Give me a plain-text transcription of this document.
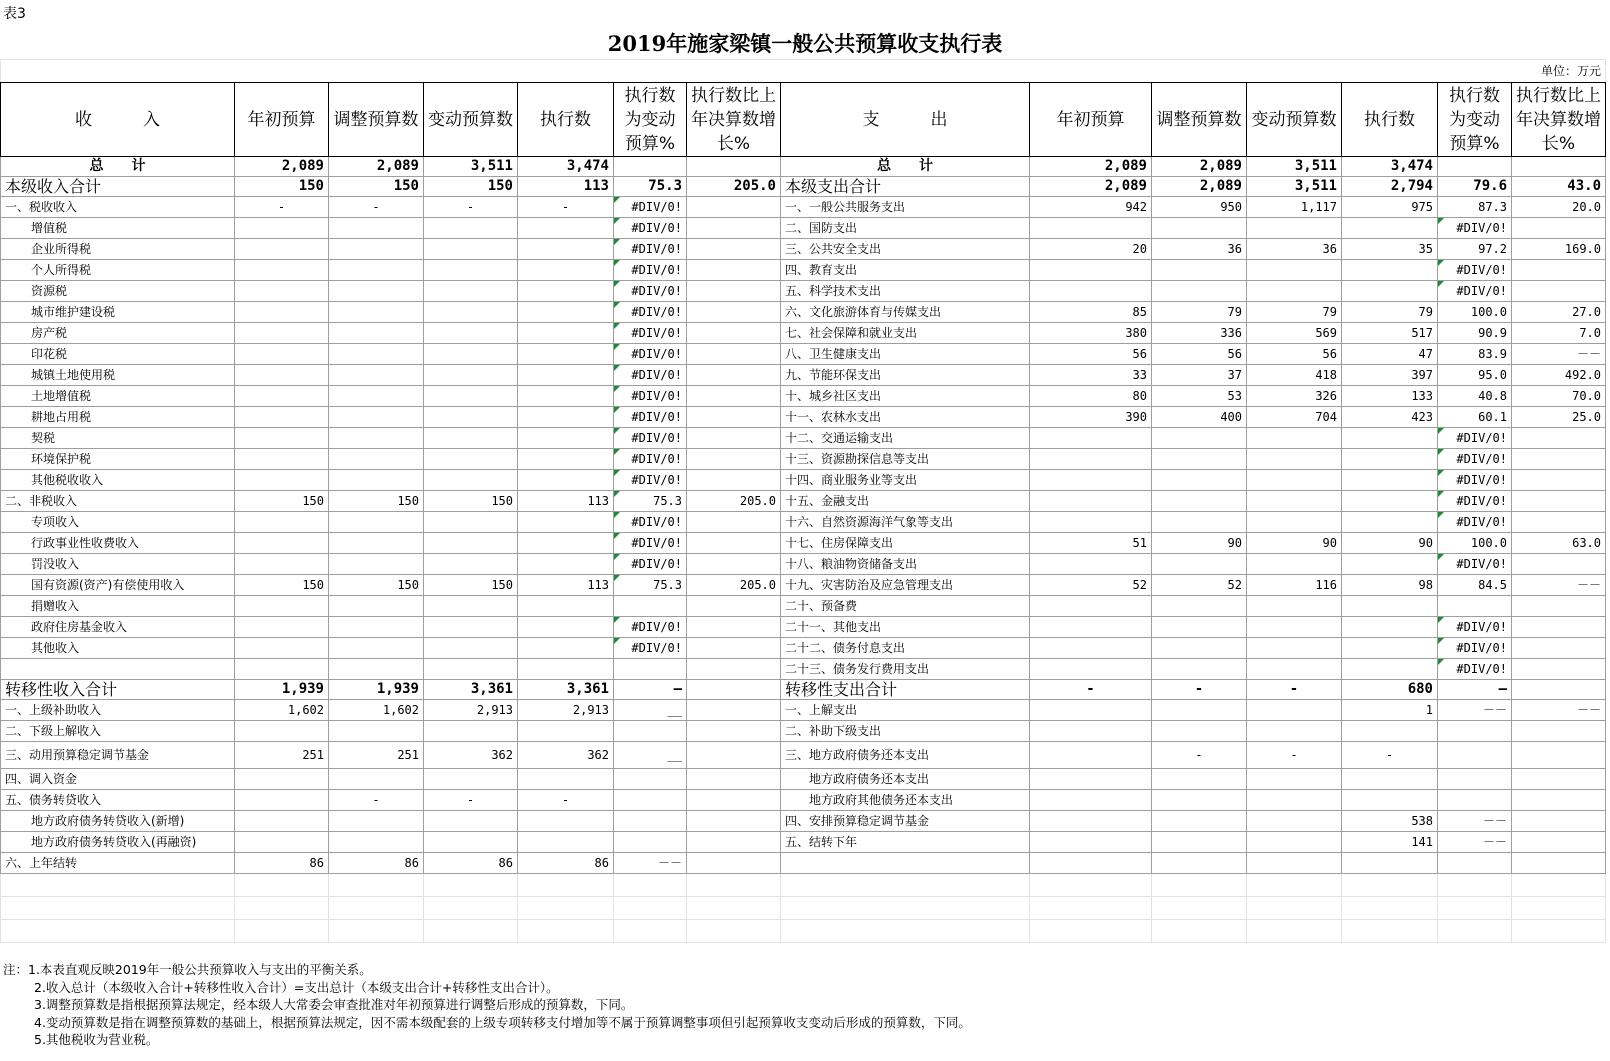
表3
2019年施家梁镇一般公共预算收支执行表
单位：万元													
收　　　入	年初预算	调整预算数	变动预算数	执行数	执行数为变动预算%	执行数比上年决算数增长%	支　　　出	年初预算	调整预算数	变动预算数	执行数	执行数为变动预算%	执行数比上年决算数增长%
总　　计	2,089	2,089	3,511	3,474			总　　计	2,089	2,089	3,511	3,474		
本级收入合计	150	150	150	113	75.3	205.0	本级支出合计	2,089	2,089	3,511	2,794	79.6	43.0
一、税收收入	-	-	-	-	#DIV/0!		一、一般公共服务支出	942	950	1,117	975	87.3	20.0
增值税					#DIV/0!		二、国防支出					#DIV/0!	
企业所得税					#DIV/0!		三、公共安全支出	20	36	36	35	97.2	169.0
个人所得税					#DIV/0!		四、教育支出					#DIV/0!	
资源税					#DIV/0!		五、科学技术支出					#DIV/0!	
城市维护建设税					#DIV/0!		六、文化旅游体育与传媒支出	85	79	79	79	100.0	27.0
房产税					#DIV/0!		七、社会保障和就业支出	380	336	569	517	90.9	7.0
印花税					#DIV/0!		八、卫生健康支出	56	56	56	47	83.9	－－
城镇土地使用税					#DIV/0!		九、节能环保支出	33	37	418	397	95.0	492.0
土地增值税					#DIV/0!		十、城乡社区支出	80	53	326	133	40.8	70.0
耕地占用税					#DIV/0!		十一、农林水支出	390	400	704	423	60.1	25.0
契税					#DIV/0!		十二、交通运输支出					#DIV/0!	
环境保护税					#DIV/0!		十三、资源勘探信息等支出					#DIV/0!	
其他税收收入					#DIV/0!		十四、商业服务业等支出					#DIV/0!	
二、非税收入	150	150	150	113	75.3	205.0	十五、金融支出					#DIV/0!	
专项收入					#DIV/0!		十六、自然资源海洋气象等支出					#DIV/0!	
行政事业性收费收入					#DIV/0!		十七、住房保障支出	51	90	90	90	100.0	63.0
罚没收入					#DIV/0!		十八、粮油物资储备支出					#DIV/0!	
国有资源(资产)有偿使用收入	150	150	150	113	75.3	205.0	十九、灾害防治及应急管理支出	52	52	116	98	84.5	－－
捐赠收入							二十、预备费						
政府住房基金收入					#DIV/0!		二十一、其他支出					#DIV/0!	
其他收入					#DIV/0!		二十二、债务付息支出					#DIV/0!	
							二十三、债务发行费用支出					#DIV/0!	
转移性收入合计	1,939	1,939	3,361	3,361	—		转移性支出合计	-	-	-	680	—	
一、上级补助收入	1,602	1,602	2,913	2,913	__		一、上解支出				1	－－	－－
二、下级上解收入							二、补助下级支出						
三、动用预算稳定调节基金	251	251	362	362	__		三、地方政府债务还本支出		-	-	-		
四、调入资金							地方政府债务还本支出						
五、债务转贷收入		-	-	-			地方政府其他债务还本支出						
地方政府债务转贷收入(新增)							四、安排预算稳定调节基金				538	－－	
地方政府债务转贷收入(再融资)							五、结转下年				141	－－	
六、上年结转	86	86	86	86	－－								

注：1.本表直观反映2019年一般公共预算收入与支出的平衡关系。
2.收入总计（本级收入合计+转移性收入合计）=支出总计（本级支出合计+转移性支出合计）。
3.调整预算数是指根据预算法规定，经本级人大常委会审查批准对年初预算进行调整后形成的预算数，下同。
4.变动预算数是指在调整预算数的基础上，根据预算法规定，因不需本级配套的上级专项转移支付增加等不属于预算调整事项但引起预算收支变动后形成的预算数，下同。
5.其他税收为营业税。
